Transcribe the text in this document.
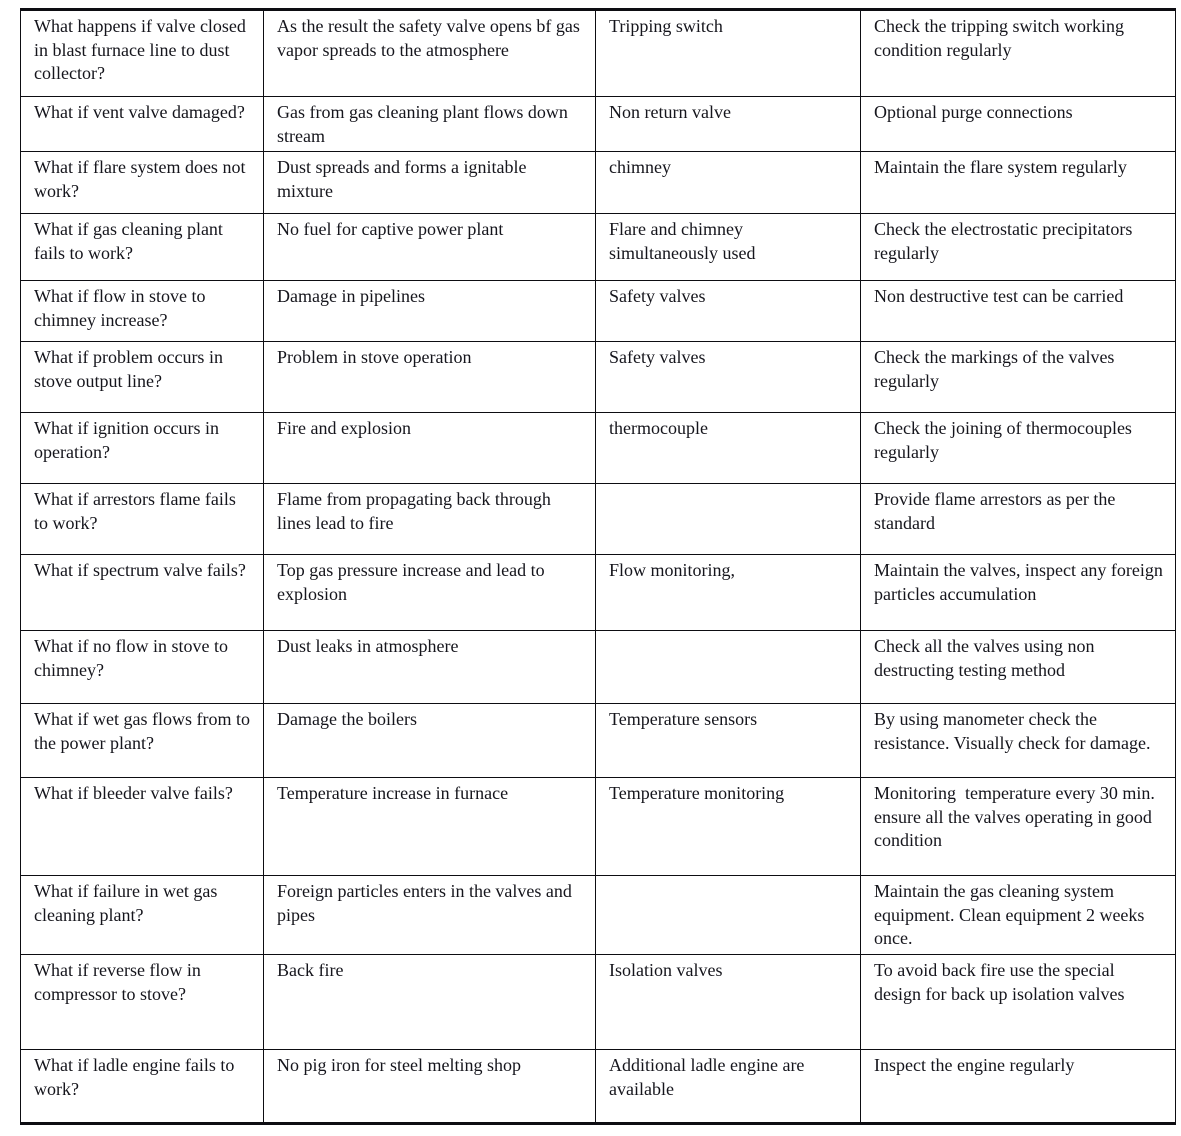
What happens if valve closed in blast furnace line to dust collector?	As the result the safety valve opens bf gas vapor spreads to the atmosphere	Tripping switch	Check the tripping switch working condition regularly
What if vent valve damaged?	Gas from gas cleaning plant flows down stream	Non return valve	Optional purge connections
What if flare system does not work?	Dust spreads and forms a ignitable mixture	chimney	Maintain the flare system regularly
What if gas cleaning plant fails to work?	No fuel for captive power plant	Flare and chimney simultaneously used	Check the electrostatic precipitators regularly
What if flow in stove to chimney increase?	Damage in pipelines	Safety valves	Non destructive test can be carried
What if problem occurs in stove output line?	Problem in stove operation	Safety valves	Check the markings of the valves regularly
What if ignition occurs in operation?	Fire and explosion	thermocouple	Check the joining of thermocouples regularly
What if arrestors flame fails to work?	Flame from propagating back through lines lead to fire		Provide flame arrestors as per the standard
What if spectrum valve fails?	Top gas pressure increase and lead to explosion	Flow monitoring,	Maintain the valves, inspect any foreign particles accumulation
What if no flow in stove to chimney?	Dust leaks in atmosphere		Check all the valves using non destructing testing method
What if wet gas flows from to the power plant?	Damage the boilers	Temperature sensors	By using manometer check the resistance. Visually check for damage.
What if bleeder valve fails?	Temperature increase in furnace	Temperature monitoring	Monitoring  temperature every 30 min. ensure all the valves operating in good condition
What if failure in wet gas cleaning plant?	Foreign particles enters in the valves and pipes		Maintain the gas cleaning system equipment. Clean equipment 2 weeks once.
What if reverse flow in compressor to stove?	Back fire	Isolation valves	To avoid back fire use the special design for back up isolation valves
What if ladle engine fails to work?	No pig iron for steel melting shop	Additional ladle engine are available	Inspect the engine regularly
